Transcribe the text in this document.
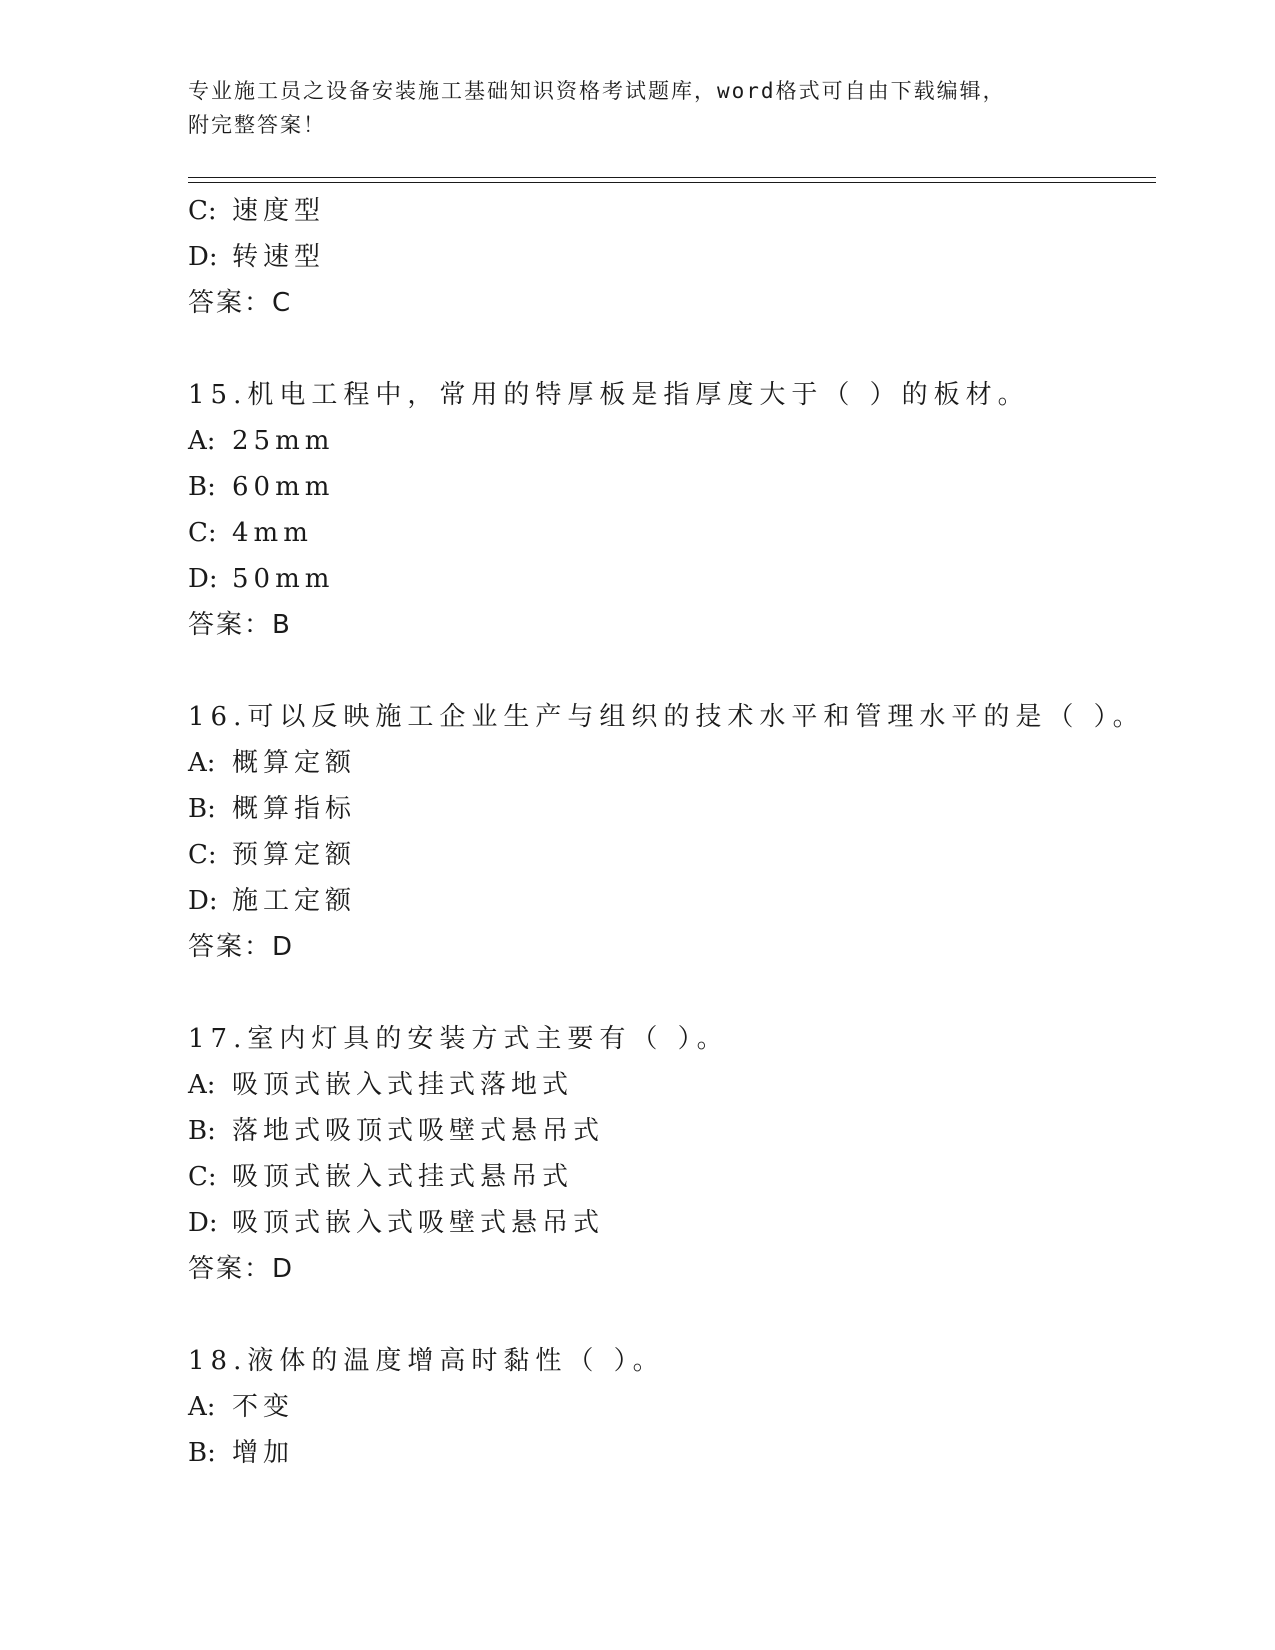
专业施工员之设备安装施工基础知识资格考试题库，word格式可自由下载编辑，
附完整答案！
C: 速度型
D: 转速型
答案：C
15.机电工程中，常用的特厚板是指厚度大于（ ）的板材。
A: 25mm
B: 60mm
C: 4mm
D: 50mm
答案：B
16.可以反映施工企业生产与组织的技术水平和管理水平的是（ ）。
A: 概算定额
B: 概算指标
C: 预算定额
D: 施工定额
答案：D
17.室内灯具的安装方式主要有（ ）。
A: 吸顶式嵌入式挂式落地式
B: 落地式吸顶式吸壁式悬吊式
C: 吸顶式嵌入式挂式悬吊式
D: 吸顶式嵌入式吸壁式悬吊式
答案：D
18.液体的温度增高时黏性（ ）。
A: 不变
B: 增加
